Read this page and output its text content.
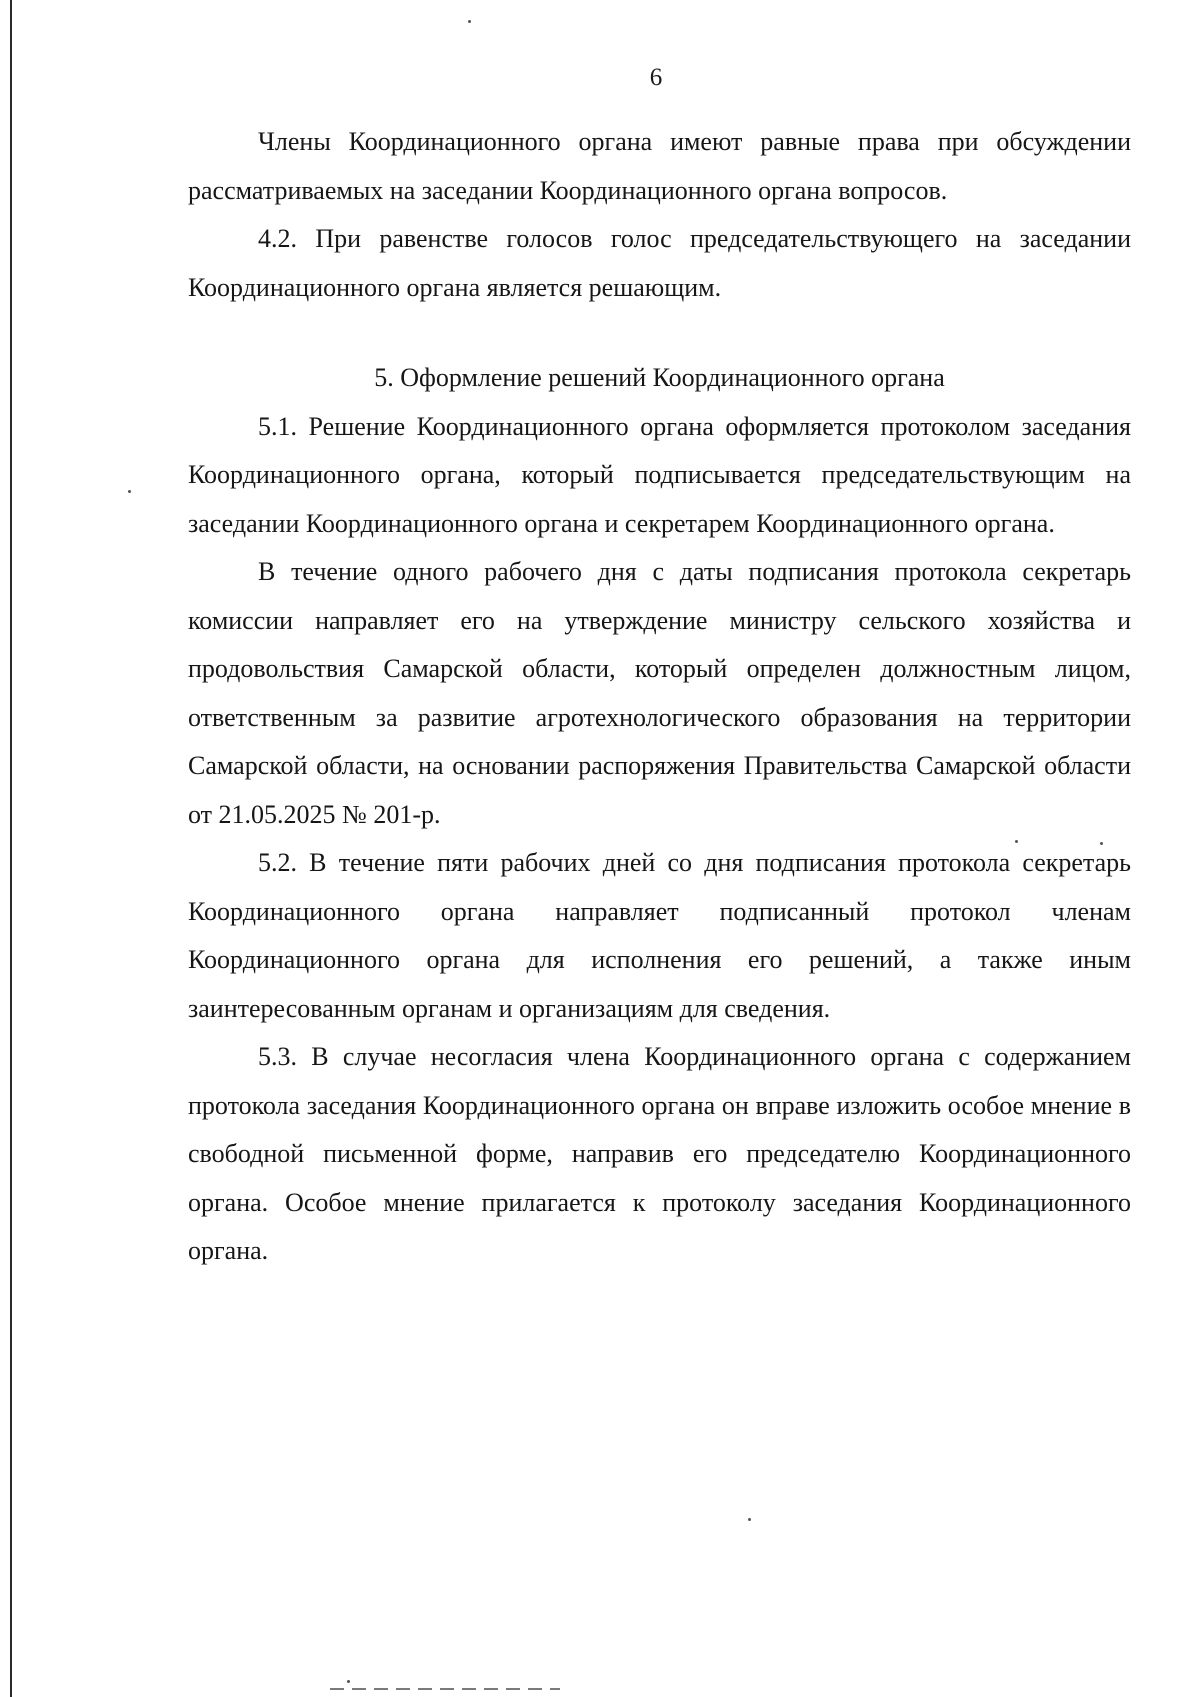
6

Члены Координационного органа имеют равные права при обсуждении рассматриваемых на заседании Координационного органа вопросов.

4.2. При равенстве голосов голос председательствующего на заседании Координационного органа является решающим.

5. Оформление решений Координационного органа

5.1. Решение Координационного органа оформляется протоколом заседания Координационного органа, который подписывается председательствующим на заседании Координационного органа и секретарем Координационного органа.

В течение одного рабочего дня с даты подписания протокола секретарь комиссии направляет его на утверждение министру сельского хозяйства и продовольствия Самарской области, который определен должностным лицом, ответственным за развитие агротехнологического образования на территории Самарской области, на основании распоряжения Правительства Самарской области от 21.05.2025 № 201-р.

5.2. В течение пяти рабочих дней со дня подписания протокола секретарь Координационного органа направляет подписанный протокол членам Координационного органа для исполнения его решений, а также иным заинтересованным органам и организациям для сведения.

5.3. В случае несогласия члена Координационного органа с содержанием протокола заседания Координационного органа он вправе изложить особое мнение в свободной письменной форме, направив его председателю Координационного органа. Особое мнение прилагается к протоколу заседания Координационного органа.
